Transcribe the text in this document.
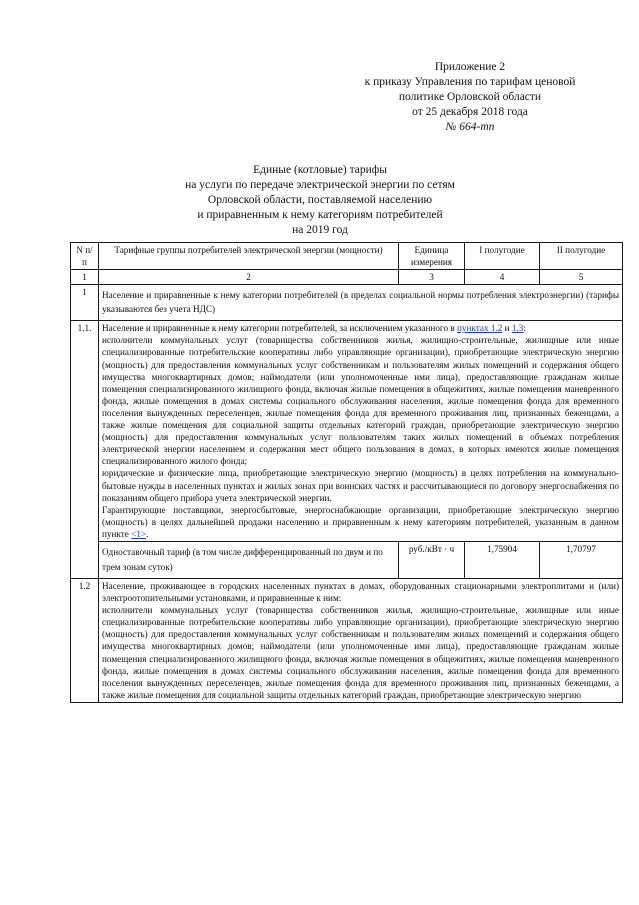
Приложение 2
к приказу Управления по тарифам ценовой
политике Орловской области
от 25 декабря 2018 года
№ 664-тп
Единые (котловые) тарифы
на услуги по передаче электрической энергии по сетям
Орловской области, поставляемой населению
и приравненным к нему категориям потребителей
на 2019 год
N п/п	Тарифные группы потребителей электрической энергии (мощности)	Единица измерения	I полугодие	II полугодие
1	2	3	4	5
1	Население и приравненные к нему категории потребителей (в пределах социальной нормы потребления электроэнергии) (тарифы указываются без учета НДС)			
1.1.	Население и приравненные к нему категории потребителей, за исключением указанного в пунктах 1.2 и 1.3:

исполнители коммунальных услуг (товарищества собственников жилья, жилищно-строительные, жилищные или иные специализированные потребительские кооперативы либо управляющие организации), приобретающие электрическую энергию (мощность) для предоставления коммунальных услуг собственникам и пользователям жилых помещений и содержания общего имущества многоквартирных домов; наймодатели (или уполномоченные ими лица), предоставляющие гражданам жилые помещения специализированного жилищного фонда, включая жилые помещения в общежитиях, жилые помещения маневренного фонда, жилые помещения в домах системы социального обслуживания населения, жилые помещения фонда для временного поселения вынужденных переселенцев, жилые помещения фонда для временного проживания лиц, признанных беженцами, а также жилые помещения для социальной защиты отдельных категорий граждан, приобретающие электрическую энергию (мощность) для предоставления коммунальных услуг пользователям таких жилых помещений в объемах потребления электрической энергии населением и содержания мест общего пользования в домах, в которых имеются жилые помещения специализированного жилого фонда;

юридические и физические лица, приобретающие электрическую энергию (мощность) в целях потребления на коммунально-бытовые нужды в населенных пунктах и жилых зонах при воинских частях и рассчитывающиеся по договору энергоснабжения по показаниям общего прибора учета электрической энергии.

Гарантирующие поставщики, энергосбытовые, энергоснабжающие организации, приобретающие электрическую энергию (мощность) в целях дальнейшей продажи населению и приравненным к нему категориям потребителей, указанным в данном пункте <1>.			

	Одноставочный тариф (в том числе дифференцированный по двум и по трем зонам суток)	руб./кВт · ч	1,75904	1,70797
1.2	Население, проживающее в городских населенных пунктах в домах, оборудованных стационарными электроплитами и (или) электроотопительными установками, и приравненные к ним:

исполнители коммунальных услуг (товарищества собственников жилья, жилищно-строительные, жилищные или иные специализированные потребительские кооперативы либо управляющие организации), приобретающие электрическую энергию (мощность) для предоставления коммунальных услуг собственникам и пользователям жилых помещений и содержания общего имущества многоквартирных домов; наймодатели (или уполномоченные ими лица), предоставляющие гражданам жилые помещения специализированного жилищного фонда, включая жилые помещения в общежитиях, жилые помещения маневренного фонда, жилые помещения в домах системы социального обслуживания населения, жилые помещения фонда для временного поселения вынужденных переселенцев, жилые помещения фонда для временного проживания лиц, признанных беженцами, а также жилые помещения для социальной защиты отдельных категорий граждан, приобретающие электрическую энергию			
